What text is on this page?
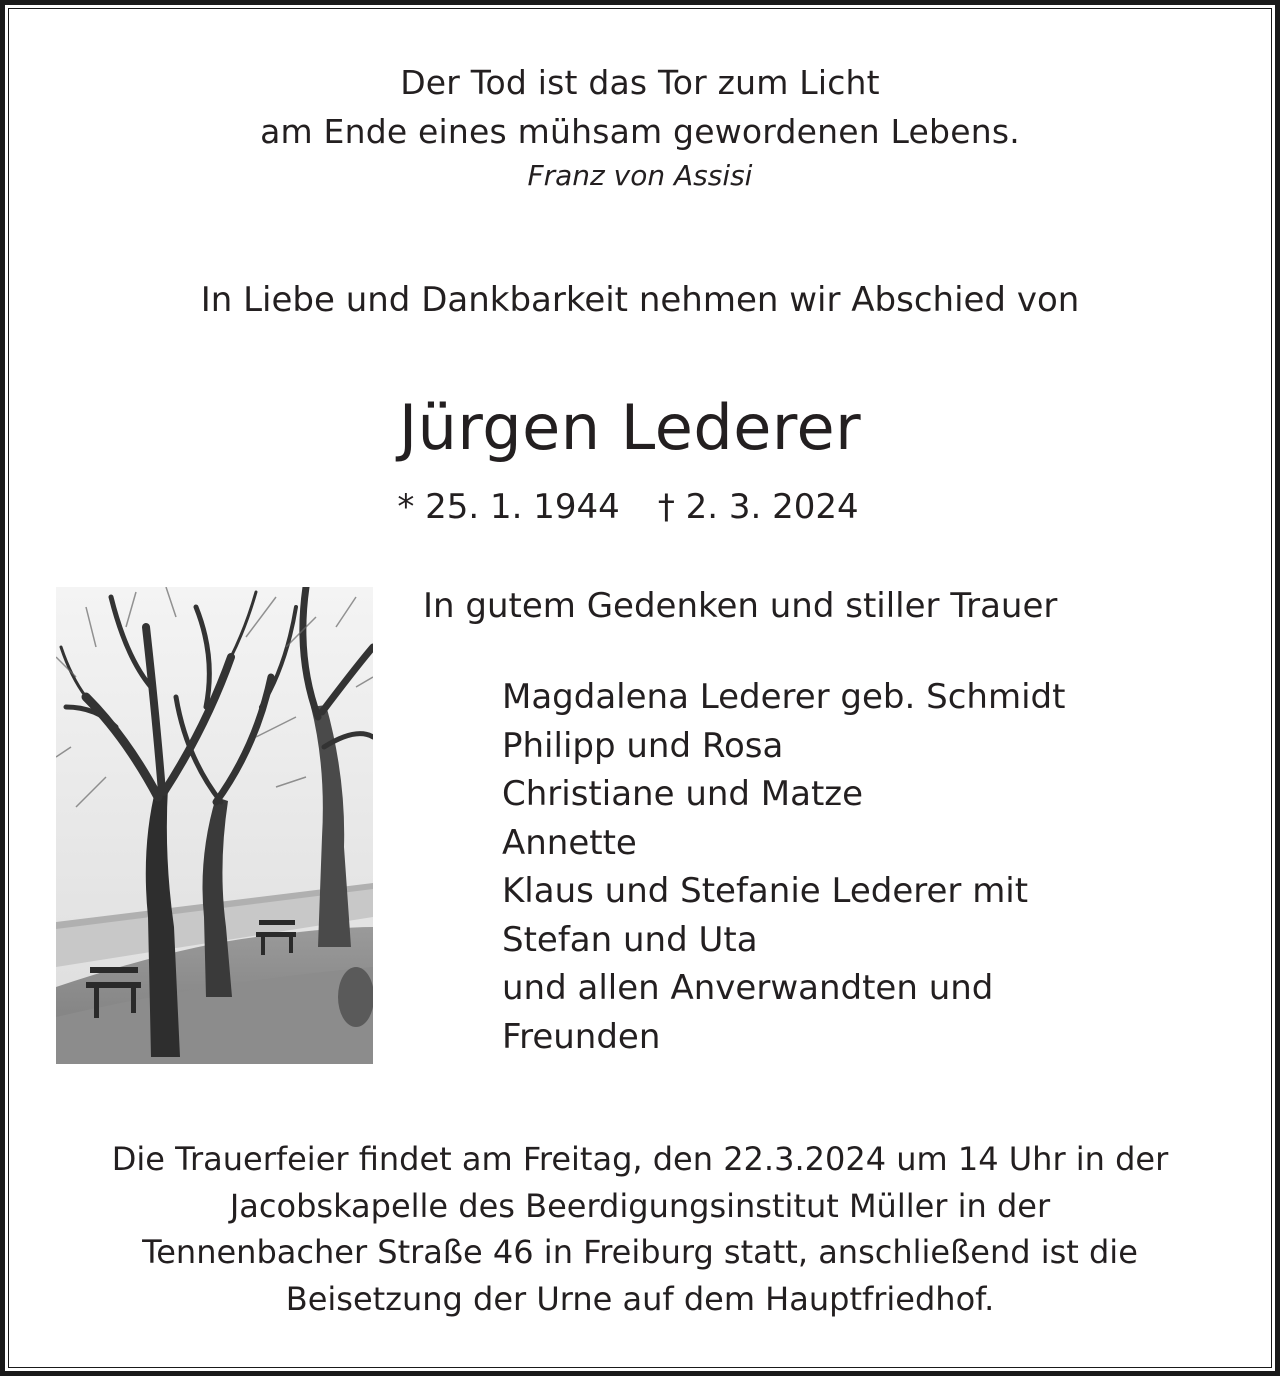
Der Tod ist das Tor zum Licht
am Ende eines mühsam gewordenen Lebens.
Franz von Assisi
In Liebe und Dankbarkeit nehmen wir Abschied von
Jürgen Lederer
* 25. 1. 1944 † 2. 3. 2024
In gutem Gedenken und stiller Trauer
Magdalena Lederer geb. Schmidt
Philipp und Rosa
Christiane und Matze
Annette
Klaus und Stefanie Lederer mit
Stefan und Uta
und allen Anverwandten und
Freunden
Die Trauerfeier findet am Freitag, den 22.3.2024 um 14 Uhr in der
Jacobskapelle des Beerdigungsinstitut Müller in der
Tennenbacher Straße 46 in Freiburg statt, anschließend ist die
Beisetzung der Urne auf dem Hauptfriedhof.
